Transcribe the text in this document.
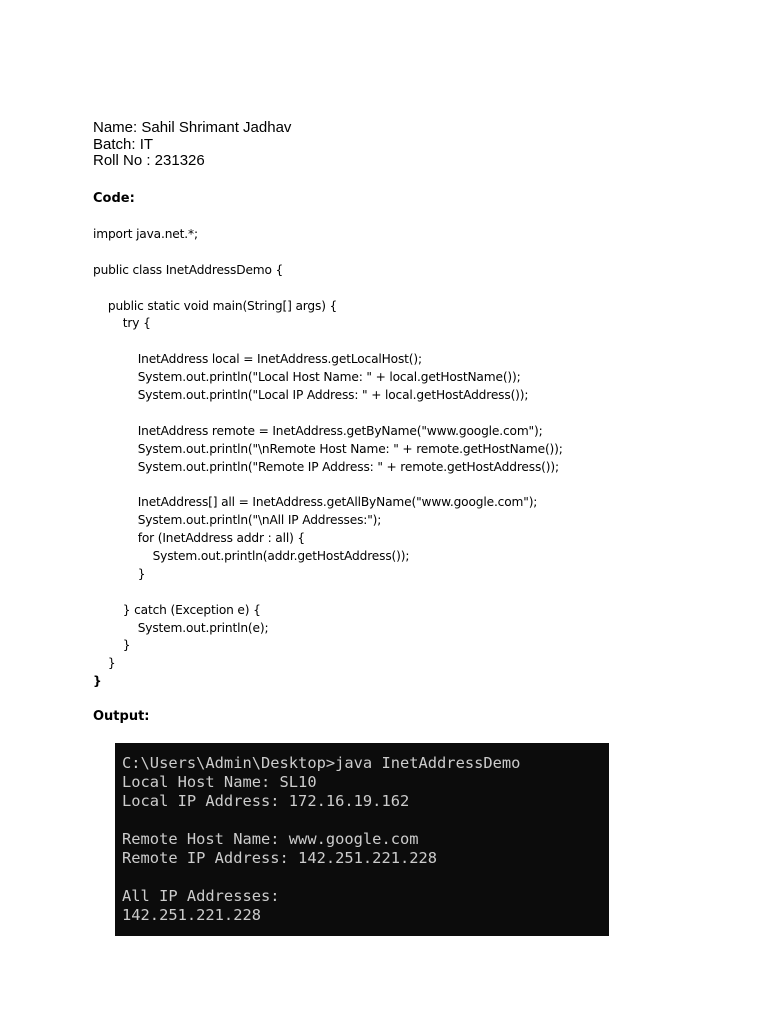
Name: Sahil Shrimant Jadhav
Batch: IT
Roll No : 231326
Code:
import java.net.*;
public class InetAddressDemo {
public static void main(String[] args) {
try {
InetAddress local = InetAddress.getLocalHost();
System.out.println("Local Host Name: " + local.getHostName());
System.out.println("Local IP Address: " + local.getHostAddress());
InetAddress remote = InetAddress.getByName("www.google.com");
System.out.println("\nRemote Host Name: " + remote.getHostName());
System.out.println("Remote IP Address: " + remote.getHostAddress());
InetAddress[] all = InetAddress.getAllByName("www.google.com");
System.out.println("\nAll IP Addresses:");
for (InetAddress addr : all) {
System.out.println(addr.getHostAddress());
}
} catch (Exception e) {
System.out.println(e);
}
}
}
Output:
C:\Users\Admin\Desktop>java InetAddressDemo
Local Host Name: SL10
Local IP Address: 172.16.19.162
Remote Host Name: www.google.com
Remote IP Address: 142.251.221.228
All IP Addresses:
142.251.221.228
